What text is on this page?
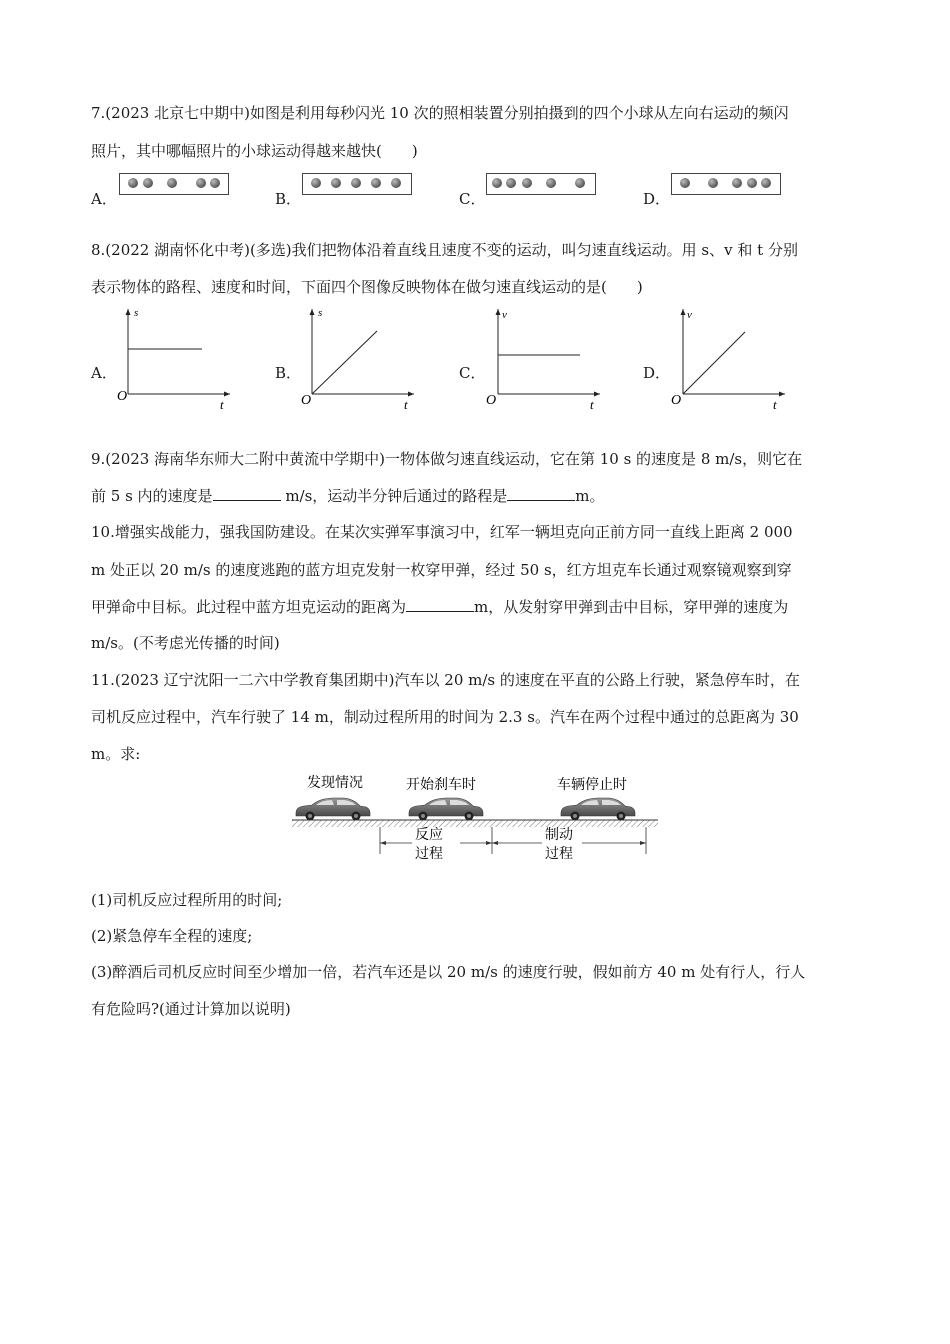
7.(2023 北京七中期中)如图是利用每秒闪光 10 次的照相装置分别拍摄到的四个小球从左向右运动的频闪
照片，其中哪幅照片的小球运动得越来越快(　　)
A．	B．	C．	D．
8.(2022 湖南怀化中考)(多选)我们把物体沿着直线且速度不变的运动，叫匀速直线运动。用 s、v 和 t 分别
表示物体的路程、速度和时间，下面四个图像反映物体在做匀速直线运动的是(　　)
A．	B．	C．	D．
s
t
O
s
t
O
v
t
O
v
t
O
9.(2023 海南华东师大二附中黄流中学期中)一物体做匀速直线运动，它在第 10 s 的速度是 8 m/s，则它在
前 5 s 内的速度是	m/s，运动半分钟后通过的路程是	m。
10.增强实战能力，强我国防建设。在某次实弹军事演习中，红军一辆坦克向正前方同一直线上距离 2 000
m 处正以 20 m/s 的速度逃跑的蓝方坦克发射一枚穿甲弹，经过 50 s，红方坦克车长通过观察镜观察到穿
甲弹命中目标。此过程中蓝方坦克运动的距离为	m，从发射穿甲弹到击中目标，穿甲弹的速度为
m/s。(不考虑光传播的时间)
11.(2023 辽宁沈阳一二六中学教育集团期中)汽车以 20 m/s 的速度在平直的公路上行驶，紧急停车时，在
司机反应过程中，汽车行驶了 14 m，制动过程所用的时间为 2.3 s。汽车在两个过程中通过的总距离为 30
m。求:
发现情况	开始刹车时	车辆停止时
反应
过程
制动
过程
(1)司机反应过程所用的时间;
(2)紧急停车全程的速度;
(3)醉酒后司机反应时间至少增加一倍，若汽车还是以 20 m/s 的速度行驶，假如前方 40 m 处有行人，行人
有危险吗?(通过计算加以说明)
